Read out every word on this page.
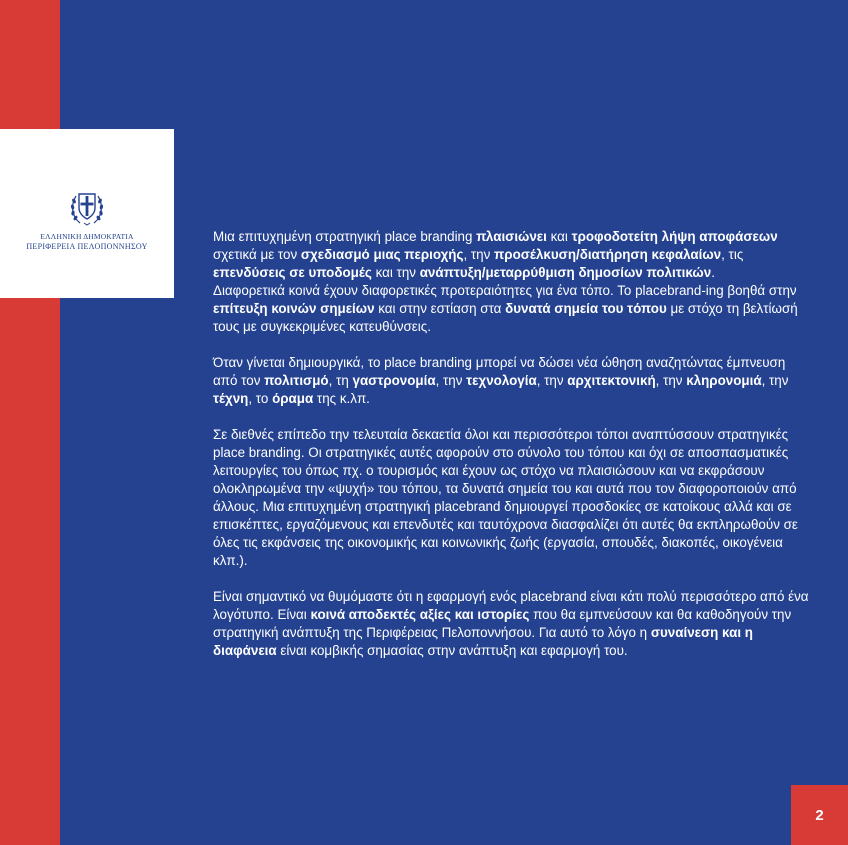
ΕΛΛΗΝΙΚΗ ΔΗΜΟΚΡΑΤΙΑ
ΠΕΡΙΦΕΡΕΙΑ ΠΕΛΟΠΟΝΝΗΣΟΥ

Μια επιτυχημένη στρατηγική place branding πλαισιώνει και τροφοδοτείτη λήψη αποφάσεων σχετικά με τον σχεδιασμό μιας περιοχής, την προσέλκυση/διατήρηση κεφαλαίων, τις επενδύσεις σε υποδομές και την ανάπτυξη/μεταρρύθμιση δημοσίων πολιτικών.
Διαφορετικά κοινά έχουν διαφορετικές προτεραιότητες για ένα τόπο. Το placebrand-ing βοηθά στην επίτευξη κοινών σημείων και στην εστίαση στα δυνατά σημεία του τόπου με στόχο τη βελτίωσή τους με συγκεκριμένες κατευθύνσεις.

Όταν γίνεται δημιουργικά, το place branding μπορεί να δώσει νέα ώθηση αναζητώντας έμπνευση από τον πολιτισμό, τη γαστρονομία, την τεχνολογία, την αρχιτεκτονική, την κληρονομιά, την τέχνη, το όραμα της κ.λπ.

Σε διεθνές επίπεδο την τελευταία δεκαετία όλοι και περισσότεροι τόποι αναπτύσσουν στρατηγικές place branding. Οι στρατηγικές αυτές αφορούν στο σύνολο του τόπου και όχι σε αποσπασματικές λειτουργίες του όπως πχ. ο τουρισμός και έχουν ως στόχο να πλαισιώσουν και να εκφράσουν ολοκληρωμένα την «ψυχή» του τόπου, τα δυνατά σημεία του και αυτά που τον διαφοροποιούν από άλλους. Μια επιτυχημένη στρατηγική placebrand δημιουργεί προσδοκίες σε κατοίκους αλλά και σε επισκέπτες, εργαζόμενους και επενδυτές και ταυτόχρονα διασφαλίζει ότι αυτές θα εκπληρωθούν σε όλες τις εκφάνσεις της οικονομικής και κοινωνικής ζωής (εργασία, σπουδές, διακοπές, οικογένεια κλπ.).

Είναι σημαντικό να θυμόμαστε ότι η εφαρμογή ενός placebrand είναι κάτι πολύ περισσότερο από ένα λογότυπο. Είναι κοινά αποδεκτές αξίες και ιστορίες που θα εμπνεύσουν και θα καθοδηγούν την στρατηγική ανάπτυξη της Περιφέρειας Πελοποννήσου. Για αυτό το λόγο η συναίνεση και η διαφάνεια είναι κομβικής σημασίας στην ανάπτυξη και εφαρμογή του.

2
